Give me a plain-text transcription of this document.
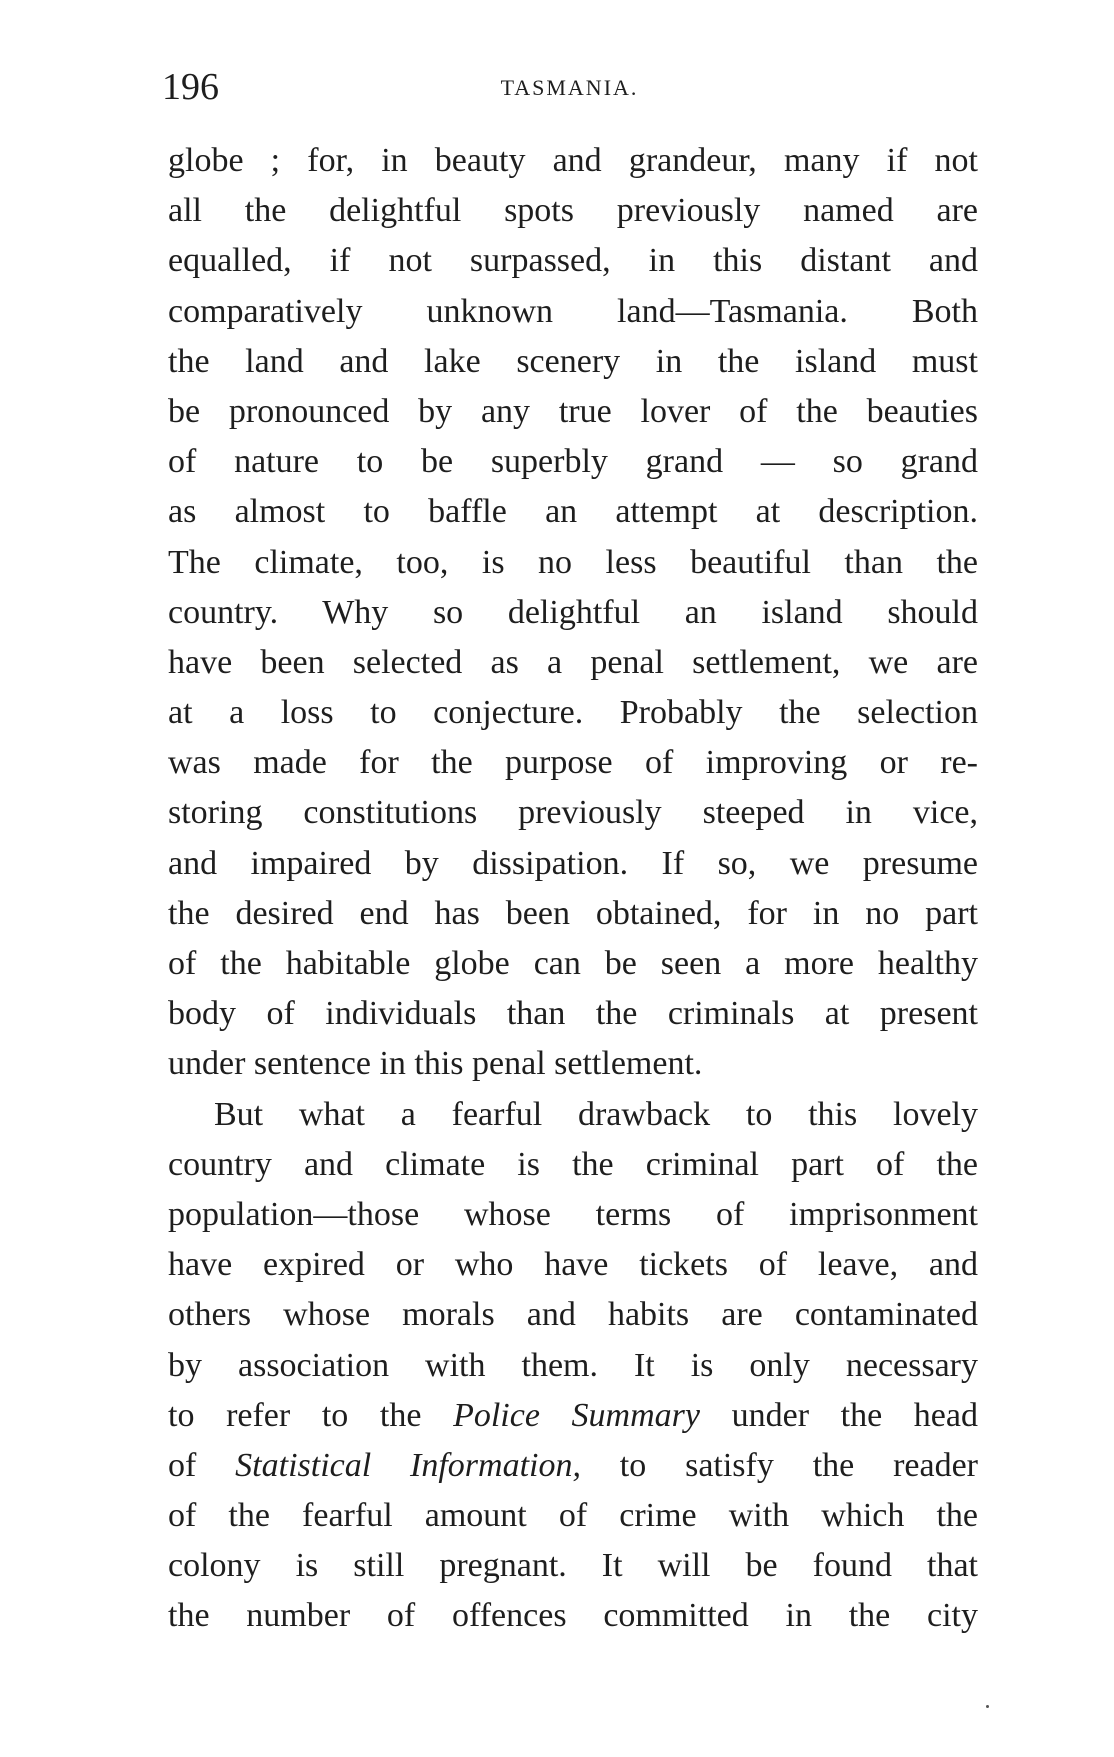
196	TASMANIA.
globe ; for, in beauty and grandeur, many if not
all the delightful spots previously named are
equalled, if not surpassed, in this distant and
comparatively unknown land—Tasmania. Both
the land and lake scenery in the island must
be pronounced by any true lover of the beauties
of nature to be superbly grand — so grand
as almost to baffle an attempt at description.
The climate, too, is no less beautiful than the
country. Why so delightful an island should
have been selected as a penal settlement, we are
at a loss to conjecture. Probably the selection
was made for the purpose of improving or re-
storing constitutions previously steeped in vice,
and impaired by dissipation. If so, we presume
the desired end has been obtained, for in no part
of the habitable globe can be seen a more healthy
body of individuals than the criminals at present
under sentence in this penal settlement.
But what a fearful drawback to this lovely
country and climate is the criminal part of the
population—those whose terms of imprisonment
have expired or who have tickets of leave, and
others whose morals and habits are contaminated
by association with them. It is only necessary
to refer to the Police Summary under the head
of Statistical Information, to satisfy the reader
of the fearful amount of crime with which the
colony is still pregnant. It will be found that
the number of offences committed in the city
